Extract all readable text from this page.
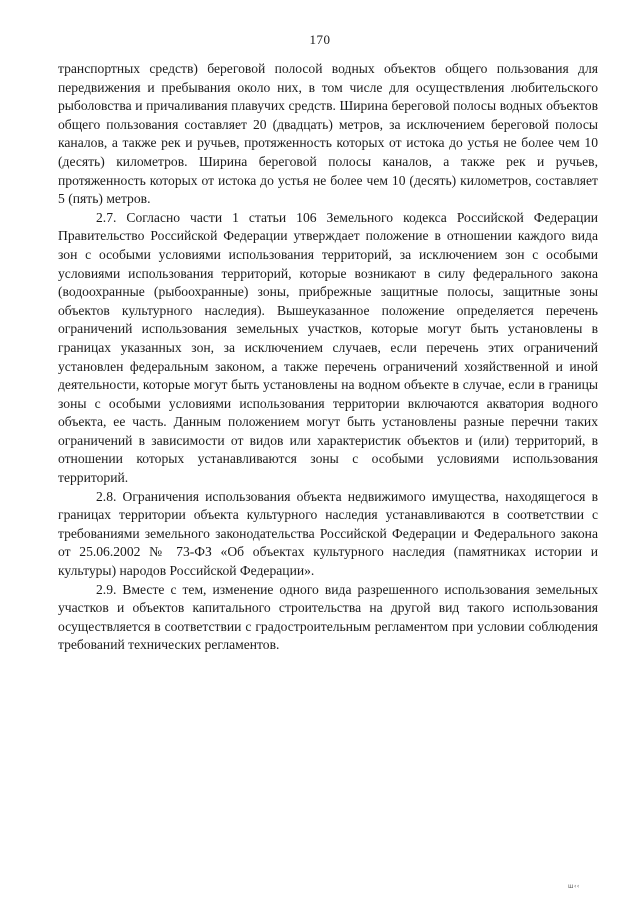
170

транспортных средств) береговой полосой водных объектов общего пользования для передвижения и пребывания около них, в том числе для осуществления любительского рыболовства и причаливания плавучих средств. Ширина береговой полосы водных объектов общего пользования составляет 20 (двадцать) метров, за исключением береговой полосы каналов, а также рек и ручьев, протяженность которых от истока до устья не более чем 10 (десять) километров. Ширина береговой полосы каналов, а также рек и ручьев, протяженность которых от истока до устья не более чем 10 (десять) километров, составляет 5 (пять) метров.

2.7. Согласно части 1 статьи 106 Земельного кодекса Российской Федерации Правительство Российской Федерации утверждает положение в отношении каждого вида зон с особыми условиями использования территорий, за исключением зон с особыми условиями использования территорий, которые возникают в силу федерального закона (водоохранные (рыбоохранные) зоны, прибрежные защитные полосы, защитные зоны объектов культурного наследия). Вышеуказанное положение определяется перечень ограничений использования земельных участков, которые могут быть установлены в границах указанных зон, за исключением случаев, если перечень этих ограничений установлен федеральным законом, а также перечень ограничений хозяйственной и иной деятельности, которые могут быть установлены на водном объекте в случае, если в границы зоны с особыми условиями использования территории включаются акватория водного объекта, ее часть. Данным положением могут быть установлены разные перечни таких ограничений в зависимости от видов или характеристик объектов и (или) территорий, в отношении которых устанавливаются зоны с особыми условиями использования территорий.

2.8. Ограничения использования объекта недвижимого имущества, находящегося в границах территории объекта культурного наследия устанавливаются в соответствии с требованиями земельного законодательства Российской Федерации и Федерального закона от 25.06.2002 № 73-ФЗ «Об объектах культурного наследия (памятниках истории и культуры) народов Российской Федерации».

2.9. Вместе с тем, изменение одного вида разрешенного использования земельных участков и объектов капитального строительства на другой вид такого использования осуществляется в соответствии с градостроительным регламентом при условии соблюдения требований технических регламентов.

ш‹‹
